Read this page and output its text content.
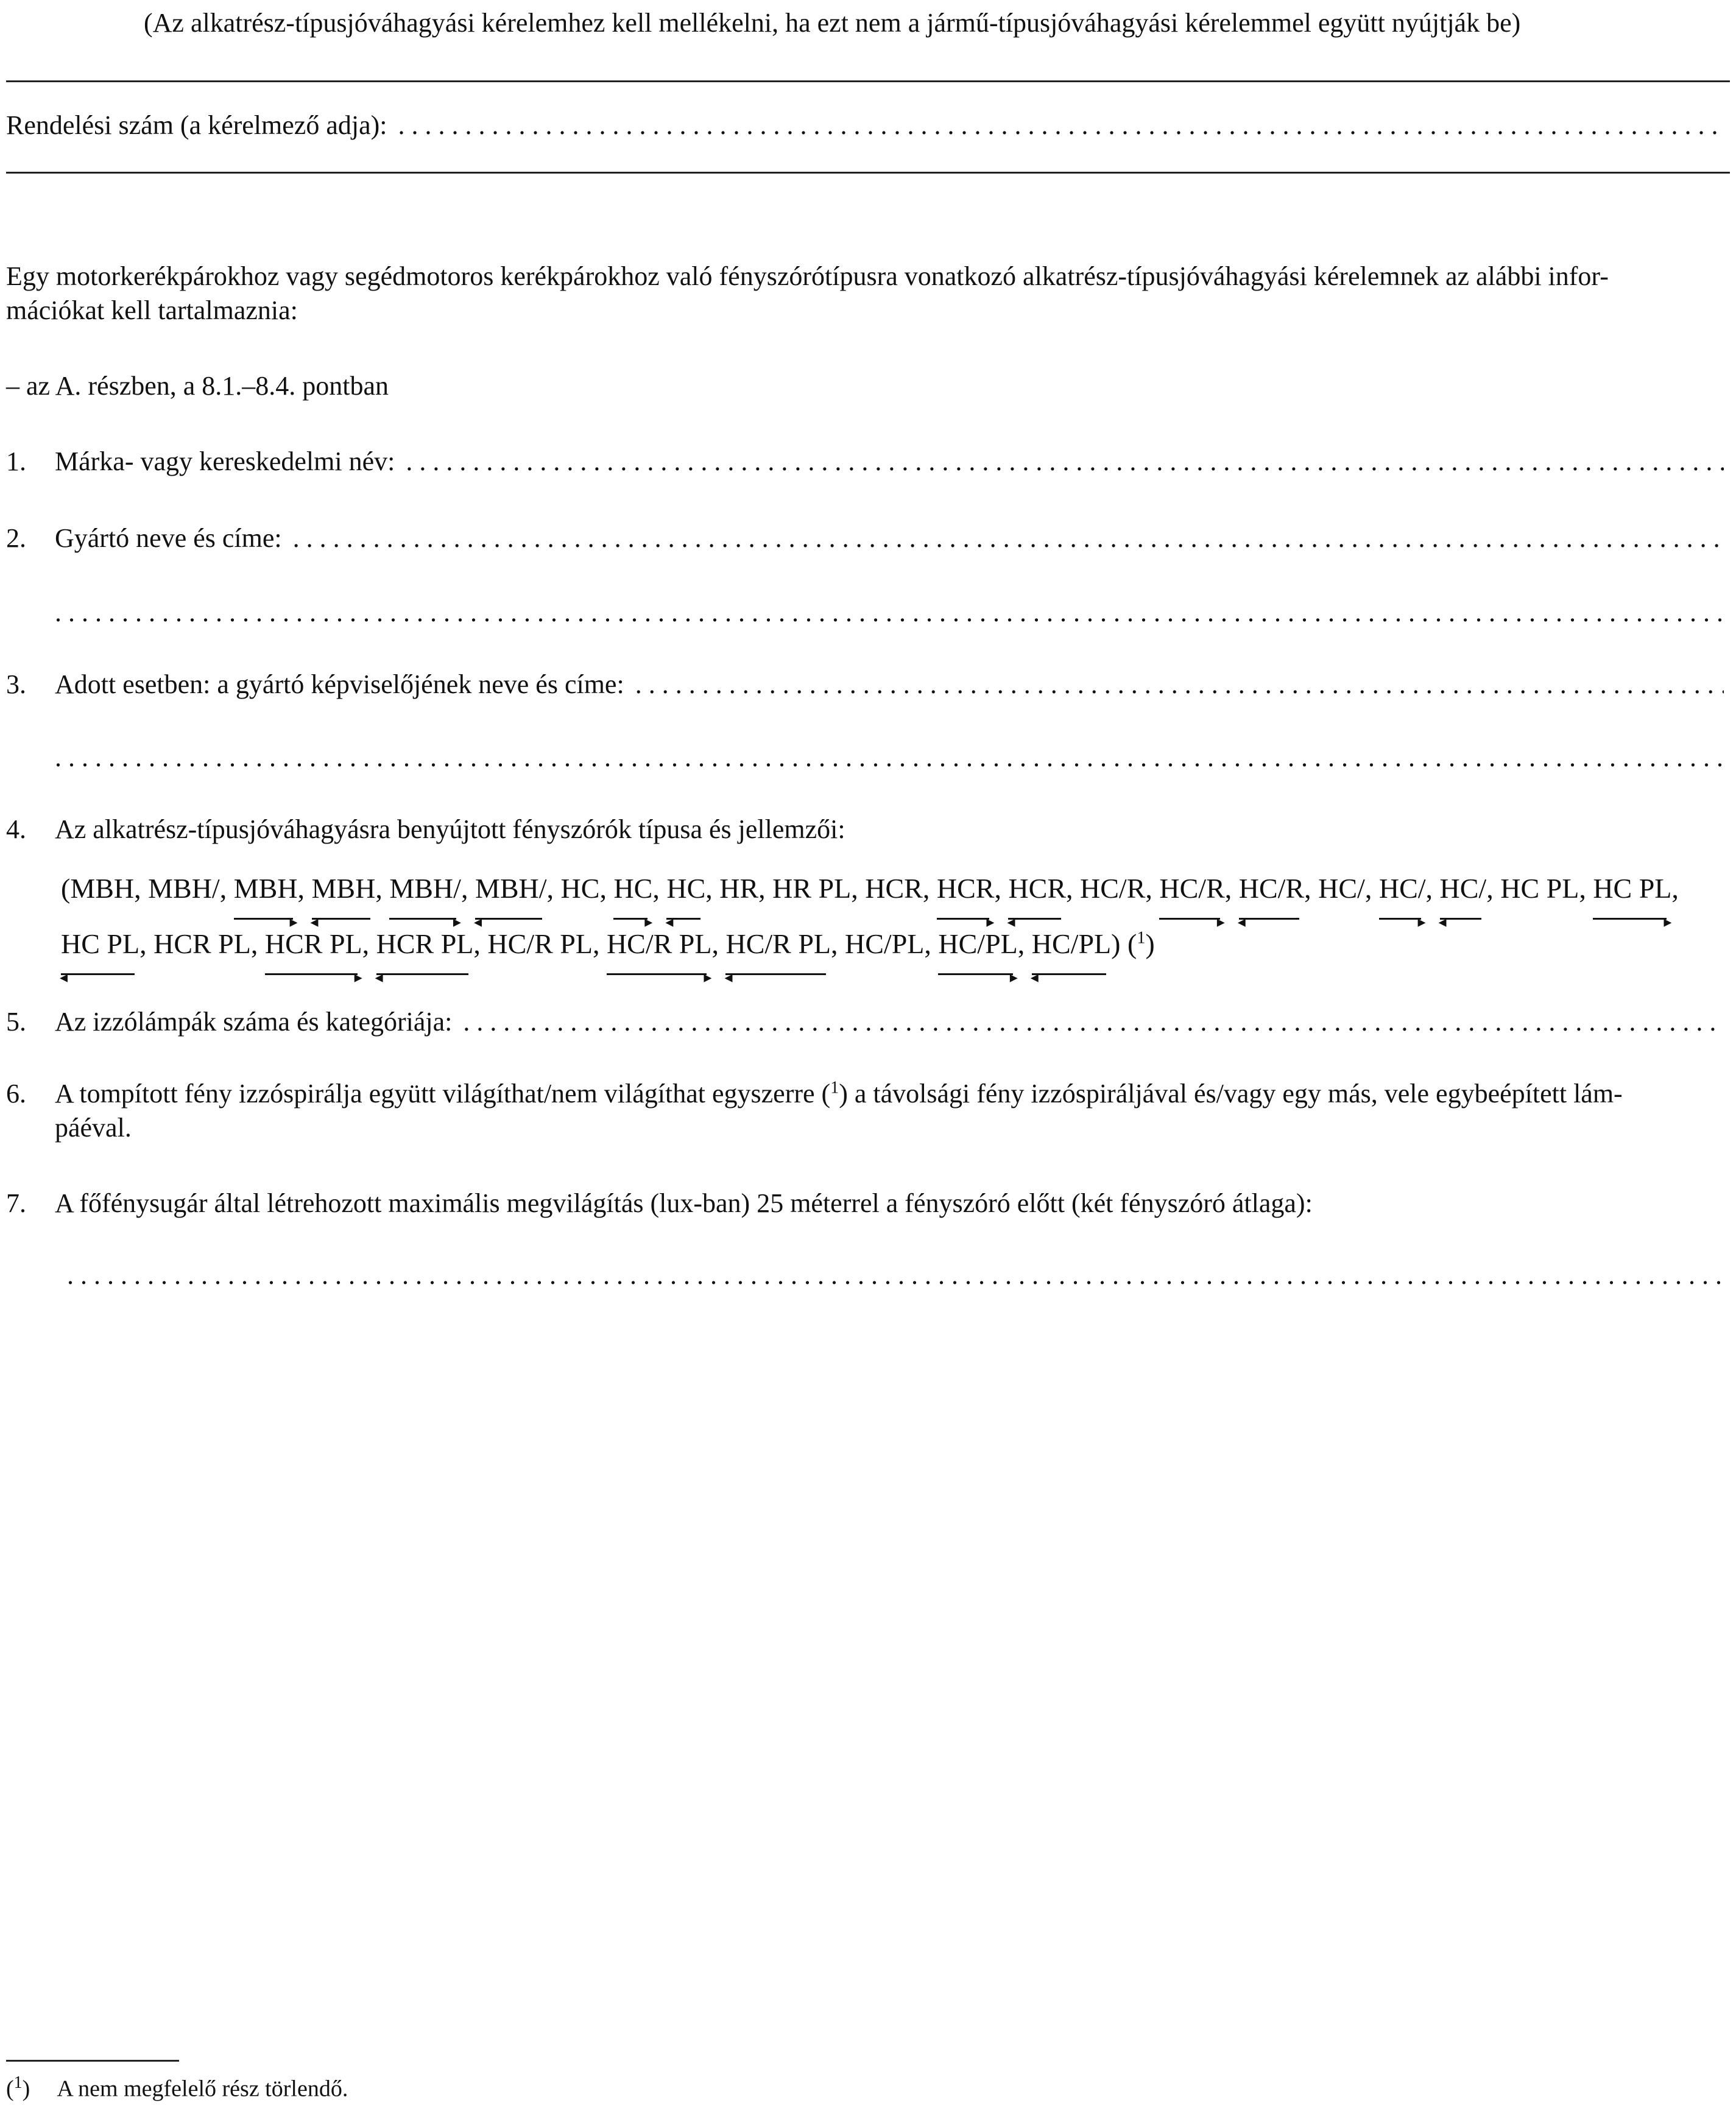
(Az alkatrész-típusjóváhagyási kérelemhez kell mellékelni, ha ezt nem a jármű-típusjóváhagyási kérelemmel együtt nyújtják be)
Rendelési szám (a kérelmező adja):
. . .
Egy motorkerékpárokhoz vagy segédmotoros kerékpárokhoz való fényszórótípusra vonatkozó alkatrész-típusjóváhagyási kérelemnek az alábbi infor-
mációkat kell tartalmaznia:
– az A. részben, a 8.1.–8.4. pontban
1.	Márka- vagy kereskedelmi név:
. . .
2.	Gyártó neve és címe:
. . .
. . .
3.	Adott esetben: a gyártó képviselőjének neve és címe:
. . .
. . .
4. Az alkatrész-típusjóváhagyásra benyújtott fényszórók típusa és jellemzői:
(MBH, MBH/, ▸ MBH, ◂ MBH, ▸ MBH/, ◂ MBH/, HC, ▸ HC, ◂ HC, HR, HR PL, HCR, ▸ HCR, ◂ HCR, HC/R, ▸ HC/R, ◂ HC/R, HC/, ▸ HC/, ◂ HC/, HC PL, ▸ HC PL, ◂ HC PL, HCR PL, ▸ HCR PL, ◂ HCR PL, HC/R PL, ▸ HC/R PL, ◂ HC/R PL, HC/PL, ▸ HC/PL, ◂ HC/PL) ($^1$)
5.	Az izzólámpák száma és kategóriája:
. . .
6. A tompított fény izzóspirálja együtt világíthat/nem világíthat egyszerre ($^1$) a távolsági fény izzóspiráljával és/vagy egy más, vele egybeépített lám-
páéval.
7. A főfénysugár által létrehozott maximális megvilágítás (lux-ban) 25 méterrel a fényszóró előtt (két fényszóró átlaga):
. . .
($^1$) A nem megfelelő rész törlendő.
